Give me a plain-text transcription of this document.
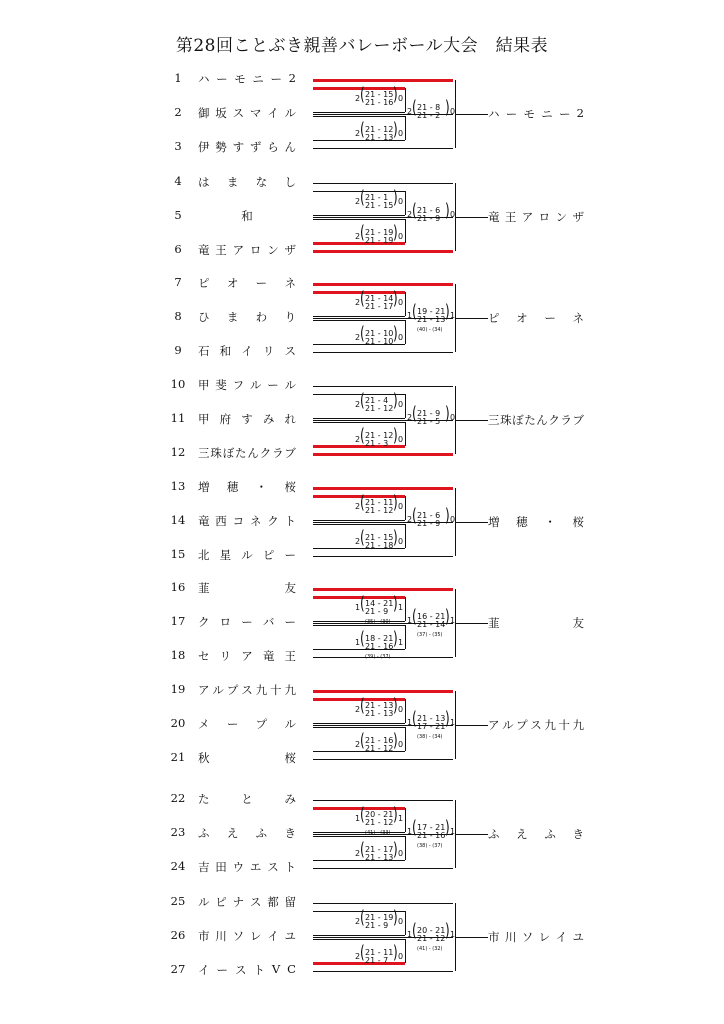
第28回ことぶき親善バレーボール大会　結果表
1	ハ ー モ ニ ー 2
2	御 坂 ス マ イ ル
3	伊 勢 す ず ら ん
4	は ま な し
5	和
6	竜 王 ア ロ ン ザ
7	ピ オ ー ネ
8	ひ ま わ り
9	石 和 イ リ ス
10 甲 斐 フ ル ー ル
11 甲 府 す み れ
12 三 珠 ぼ た ん ク ラ ブ
13 増 穂 ・ 桜
14 竜 西 コ ネ ク ト
15 北 星 ル ピ ー
16 韮	友
17 ク ロ ー バ ー
18 セ リ ア 竜 王
19 ア ル プ ス 九 十 九
20 メ ー プ ル
21 秋	桜
22 た	と	み
23 ふ え ふ き
24 吉 田 ウ エ ス ト
25 ル ピ ナ ス 都 留
26 市 川 ソ レ イ ユ
27 イ ー ス ト V C
2 ( 21 - 15
21 - 16 ) 0
2 ( 21 - 12
21 - 13 ) 0
2 ( 21 - 8
21 - 2 ) 0	ハ ー モ ニ ー 2
2 ( 21 - 1
21 - 15 ) 0
2 ( 21 - 19
21 - 19 ) 0
2 ( 21 - 6
21 - 9 ) 0	竜 王 ア ロ ン ザ
2 ( 21 - 14
21 - 17 ) 0
2 ( 21 - 10
21 - 10 ) 0
1 ( 19 - 21
21 - 13 ) 1
(40) - (34)
ピ オ ー ネ
2 ( 21 - 4
21 - 12 ) 0
2 ( 21 - 12
21 - 3 ) 0
2 ( 21 - 9
21 - 5 ) 0	三 珠 ぼ た ん ク ラ ブ
2 ( 21 - 11
21 - 12 ) 0
2 ( 21 - 15
21 - 18 ) 0
2 ( 21 - 6
21 - 9 ) 0	増 穂 ・ 桜
1 ( 14 - 21
21 - 9 ) 1
(35) - (30)
1 ( 18 - 21
21 - 16 ) 1
(39) - (37)
1 ( 16 - 21
21 - 14 ) 1
(37) - (35)
韮	友
2 ( 21 - 13
21 - 13 ) 0
2 ( 21 - 16
21 - 12 ) 0
1 ( 21 - 13
17 - 21 ) 1
(38) - (34)
ア ル プ ス 九 十 九
1 ( 20 - 21
21 - 12 ) 1
(41) - (33)
2 ( 21 - 17
21 - 13 ) 0
1 ( 17 - 21
21 - 16 ) 1
(38) - (37)
ふ え ふ き
2 ( 21 - 19
21 - 9 ) 0
2 ( 21 - 11
21 - 7 ) 0
1 ( 20 - 21
21 - 12 ) 1
(41) - (32)
市 川 ソ レ イ ユ
